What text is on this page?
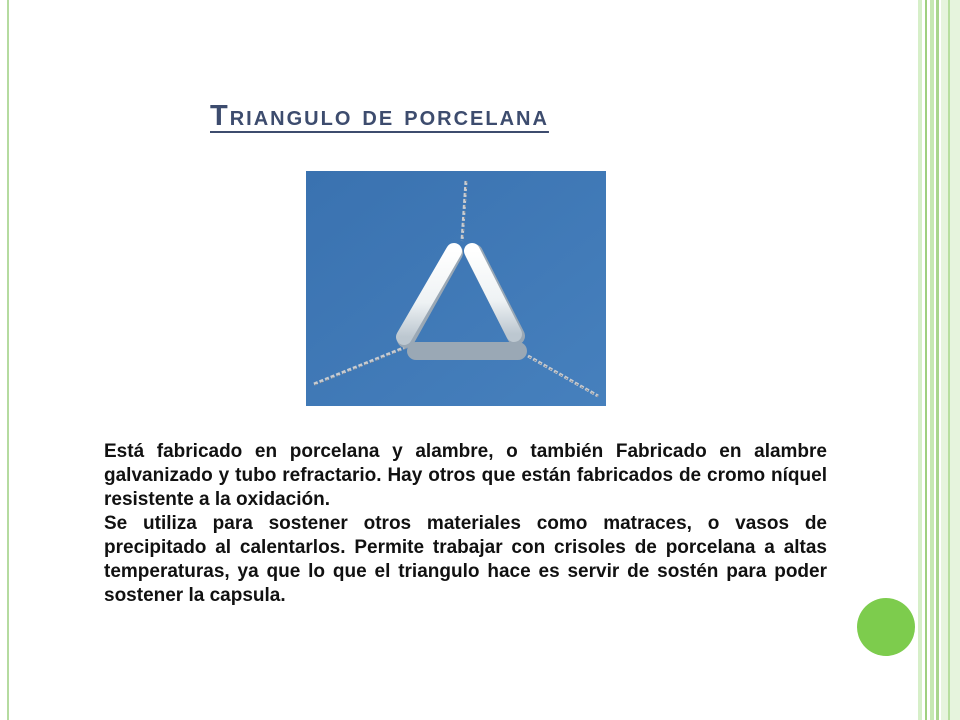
Triangulo de porcelana

Está fabricado en porcelana y alambre, o también Fabricado en alambre galvanizado y tubo refractario. Hay otros que están fabricados de cromo níquel resistente a la oxidación.

Se utiliza para sostener otros materiales como matraces, o vasos de precipitado al calentarlos. Permite trabajar con crisoles de porcelana a altas temperaturas, ya que lo que el triangulo hace es servir de sostén para poder sostener la capsula.
